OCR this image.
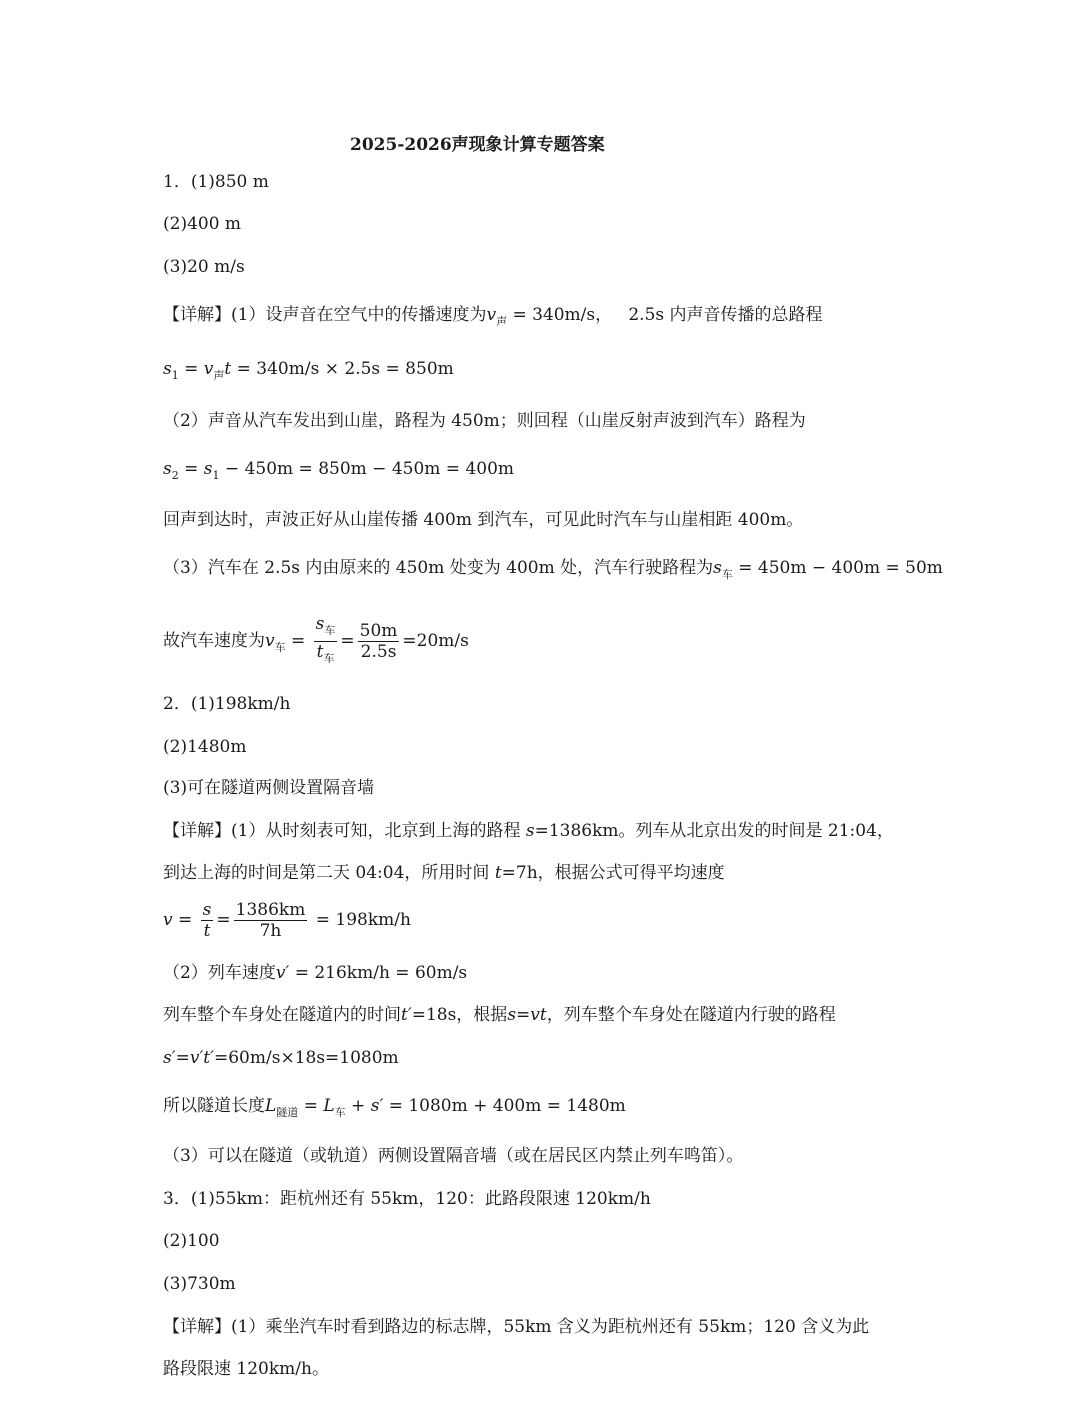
2025-2026声现象计算专题答案
1．(1)850 m
(2)400 m
(3)20 m/s
【详解】(1）设声音在空气中的传播速度为$v_声 = 340m/s$， 2.5s 内声音传播的总路程
$s_1 = v_声t = 340m/s \times 2.5s = 850m$
（2）声音从汽车发出到山崖，路程为 450m；则回程（山崖反射声波到汽车）路程为
$s_2 = s_1 - 450m = 850m - 450m = 400m$
回声到达时，声波正好从山崖传播 400m 到汽车，可见此时汽车与山崖相距 400m。
（3）汽车在 2.5s 内由原来的 450m 处变为 400m 处，汽车行驶路程为$s_车 = 450m - 400m = 50m$
故汽车速度为$v_车 = \frac{s_车}{t_车} = \frac{50m}{2.5s} =20m/s$
2．(1)198km/h
(2)1480m
(3)可在隧道两侧设置隔音墙
【详解】(1）从时刻表可知，北京到上海的路程 s=1386km。列车从北京出发的时间是 21:04，
到达上海的时间是第二天 04:04，所用时间 t=7h，根据公式可得平均速度
$v = \frac{s}{t} = \frac{1386km}{7h} = 198km/h$
（2）列车速度v′ = 216km/h = 60m/s
列车整个车身处在隧道内的时间t′=18s，根据s=vt，列车整个车身处在隧道内行驶的路程
s′=v′t′=60m/s×18s=1080m
所以隧道长度$L_{隧道} = L_车 + s' = 1080m + 400m = 1480m$
（3）可以在隧道（或轨道）两侧设置隔音墙（或在居民区内禁止列车鸣笛）。
3．(1)55km：距杭州还有 55km，120：此路段限速 120km/h
(2)100
(3)730m
【详解】(1）乘坐汽车时看到路边的标志牌，55km 含义为距杭州还有 55km；120 含义为此
路段限速 120km/h。
